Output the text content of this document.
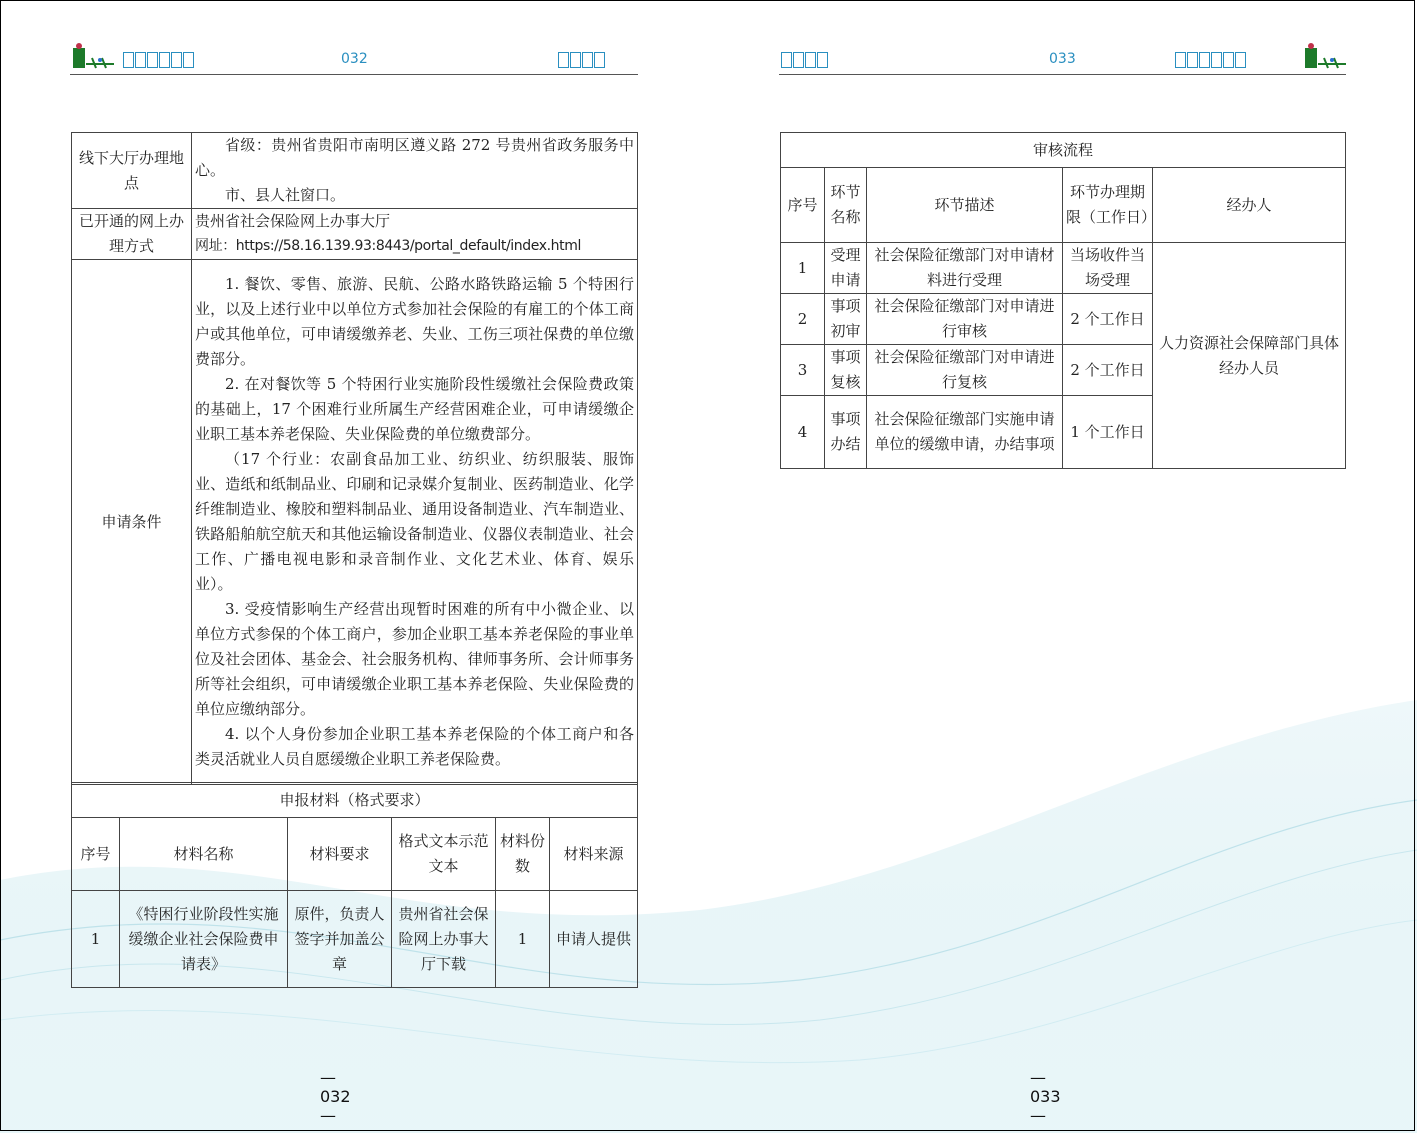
032
线下大厅办理地点	省级：贵州省贵阳市南明区遵义路 272 号贵州省政务服务中心。

市、县人社窗口。

已开通的网上办理方式	贵州省社会保险网上办事大厅

网址：https://58.16.139.93:8443/portal_default/index.html

申请条件	1. 餐饮、零售、旅游、民航、公路水路铁路运输 5 个特困行业，以及上述行业中以单位方式参加社会保险的有雇工的个体工商户或其他单位，可申请缓缴养老、失业、工伤三项社保费的单位缴费部分。

2. 在对餐饮等 5 个特困行业实施阶段性缓缴社会保险费政策的基础上，17 个困难行业所属生产经营困难企业，可申请缓缴企业职工基本养老保险、失业保险费的单位缴费部分。

（17 个行业：农副食品加工业、纺织业、纺织服装、服饰业、造纸和纸制品业、印刷和记录媒介复制业、医药制造业、化学纤维制造业、橡胶和塑料制品业、通用设备制造业、汽车制造业、铁路船舶航空航天和其他运输设备制造业、仪器仪表制造业、社会工作、广播电视电影和录音制作业、文化艺术业、体育、娱乐业）。

3. 受疫情影响生产经营出现暂时困难的所有中小微企业、以单位方式参保的个体工商户，参加企业职工基本养老保险的事业单位及社会团体、基金会、社会服务机构、律师事务所、会计师事务所等社会组织，可申请缓缴企业职工基本养老保险、失业保险费的单位应缴纳部分。

4. 以个人身份参加企业职工基本养老保险的个体工商户和各类灵活就业人员自愿缓缴企业职工养老保险费。

申报材料（格式要求）					
序号	材料名称	材料要求	格式文本示范文本	材料份数	材料来源
1	《特困行业阶段性实施缓缴企业社会保险费申请表》	原件，负责人签字并加盖公章	贵州省社会保险网上办事大厅下载	1	申请人提供
— 032 —
033
审核流程				
序号	环节名称	环节描述	环节办理期限（工作日）	经办人
1	受理申请	社会保险征缴部门对申请材料进行受理	当场收件当场受理	人力资源社会保障部门具体经办人员
2	事项初审	社会保险征缴部门对申请进行审核	2 个工作日	
3	事项复核	社会保险征缴部门对申请进行复核	2 个工作日	
4	事项办结	社会保险征缴部门实施申请单位的缓缴申请，办结事项	1 个工作日	
— 033 —
